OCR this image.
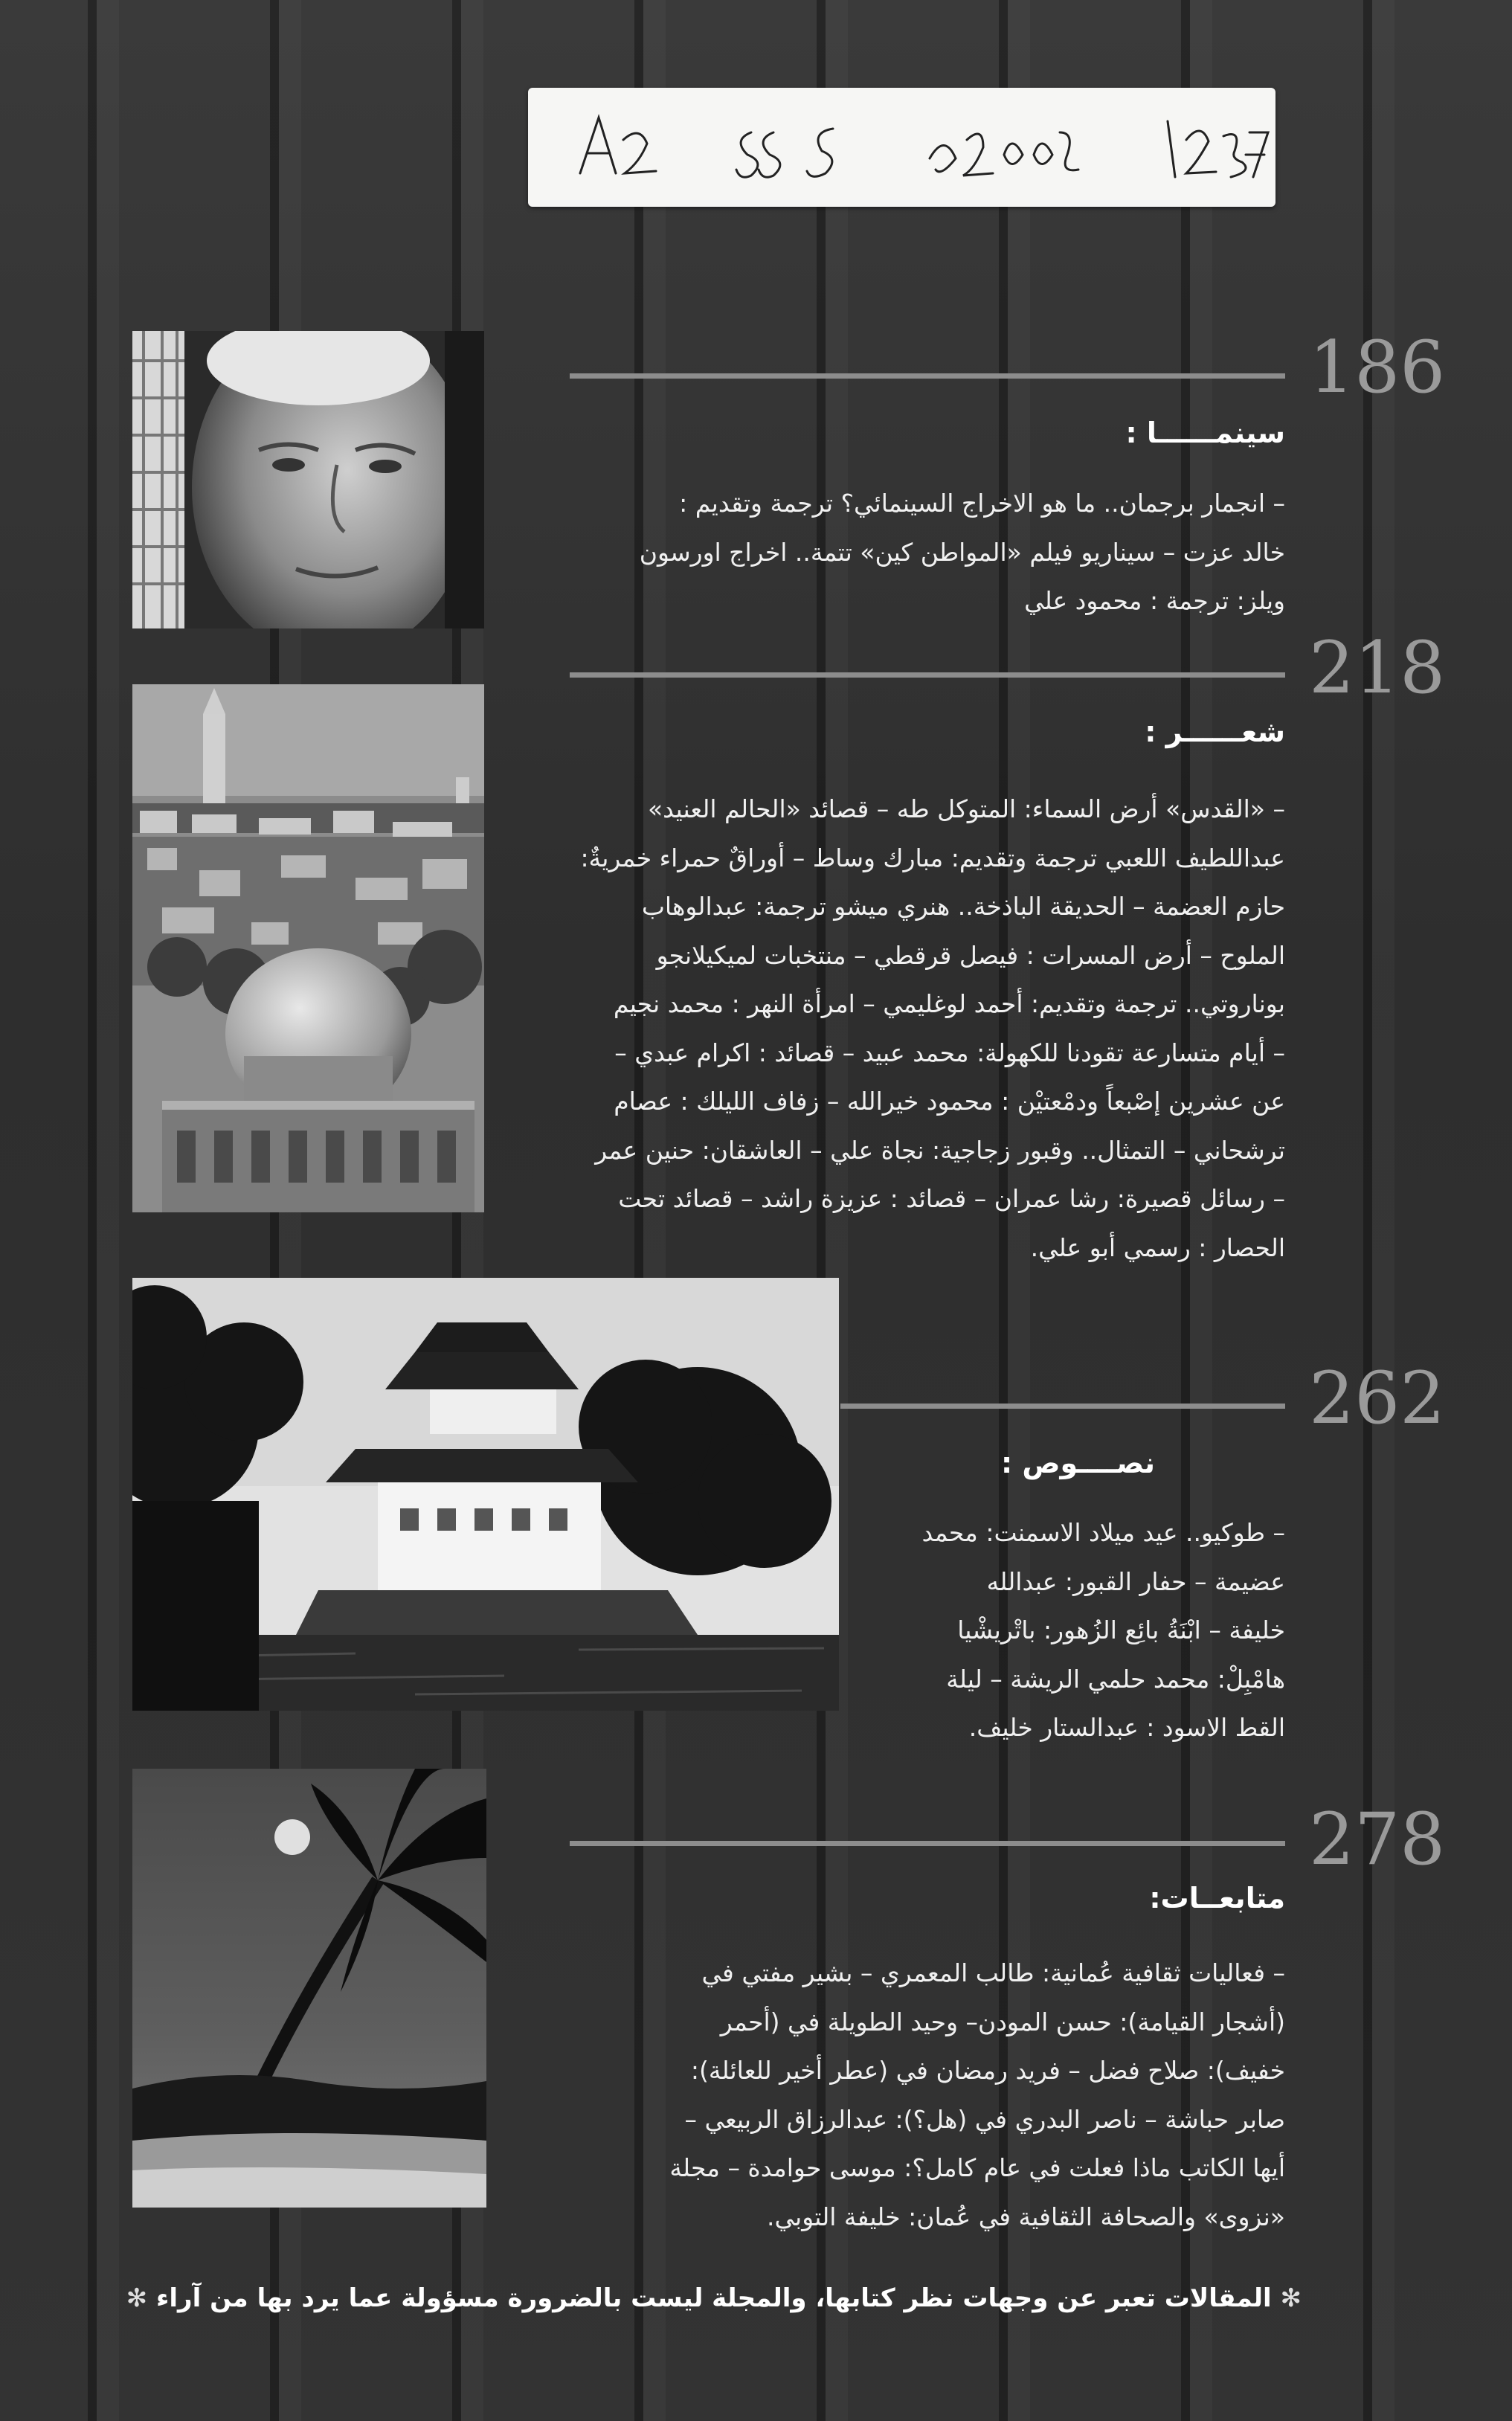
186
سينمــــــا :

– انجمار برجمان.. ما هو الاخراج السينمائي؟ ترجمة وتقديم :

خالد عزت – سيناريو فيلم «المواطن كين» تتمة.. اخراج اورسون

ويلز: ترجمة : محمود علي

218
شعــــــر :

– «القدس» أرض السماء: المتوكل طه – قصائد «الحالم العنيد»

عبداللطيف اللعبي ترجمة وتقديم: مبارك وساط – أوراقٌ حمراء خمريةٌ:

حازم العضمة – الحديقة الباذخة.. هنري ميشو ترجمة: عبدالوهاب

الملوح – أرض المسرات : فيصل قرقطي – منتخبات لميكيلانجو

بوناروتي.. ترجمة وتقديم: أحمد لوغليمي – امرأة النهر : محمد نجيم

– أيام متسارعة تقودنا للكهولة: محمد عبيد – قصائد : اكرام عبدي –

عن عشرين إصْبعاً ودمْعتيْن : محمود خيرالله – زفاف الليلك : عصام

ترشحاني – التمثال.. وقبور زجاجية: نجاة علي – العاشقان: حنين عمر

– رسائل قصيرة: رشا عمران – قصائد : عزيزة راشد – قصائد تحت

الحصار : رسمي أبو علي.

262
نصــــوص :

– طوكيو.. عيد ميلاد الاسمنت: محمد

عضيمة – حفار القبور: عبدالله

خليفة – ابْنَةُ بائِع الزُهور: باتْريشْيا

هامْبِلْ: محمد حلمي الريشة – ليلة

القط الاسود : عبدالستار خليف.

278
متابعــات:

– فعاليات ثقافية عُمانية: طالب المعمري – بشير مفتي في

(أشجار القيامة): حسن المودن– وحيد الطويلة في (أحمر

خفيف): صلاح فضل – فريد رمضان في (عطر أخير للعائلة):

صابر حباشة – ناصر البدري في (هل؟): عبدالرزاق الربيعي –

أيها الكاتب ماذا فعلت في عام كامل؟: موسى حوامدة – مجلة

«نزوى» والصحافة الثقافية في عُمان: خليفة التوبي.

✻ المقالات تعبر عن وجهات نظر كتابها، والمجلة ليست بالضرورة مسؤولة عما يرد بها من آراء ✻
